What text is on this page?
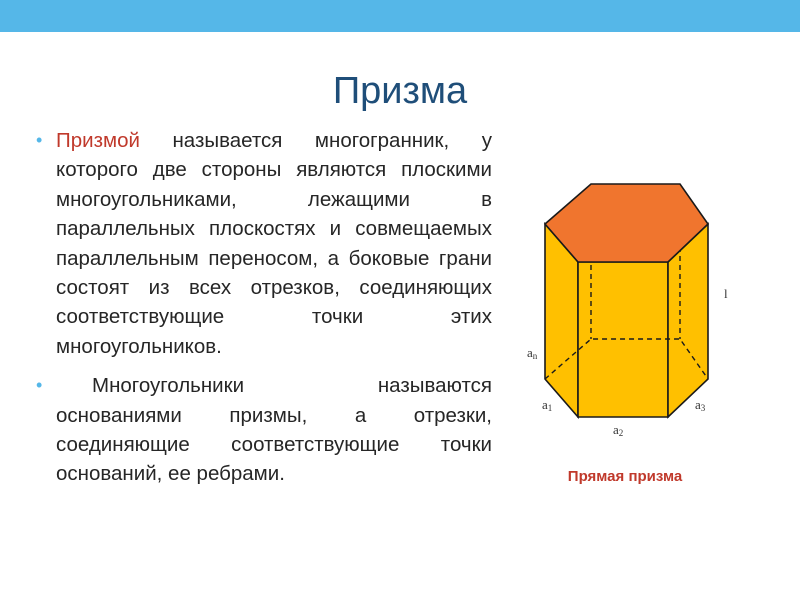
Призма

• Призмой называется многогранник, у которого две стороны являются плоскими многоугольниками, лежащими в параллельных плоскостях и совмещаемых параллельным переносом, а боковые грани состоят из всех отрезков, соединяющих соответствующие точки этих многоугольников.

• Многоугольники называются основаниями призмы, а отрезки, соединяющие соответствующие точки оснований, ее ребрами.

l
an
a1
a2
a3
Прямая призма
